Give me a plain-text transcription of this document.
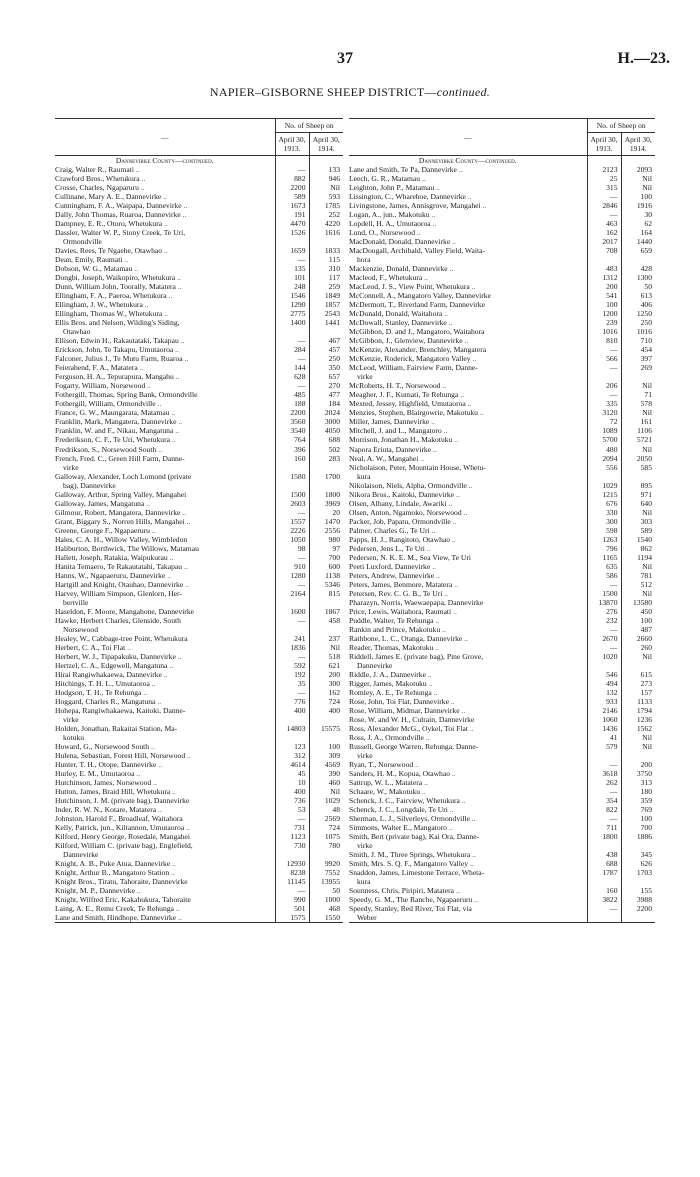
37	H.—23.
NAPIER–GISBORNE SHEEP DISTRICT—continued.
—	No. of Sheep on	
	April 30, 1913.	April 30, 1914.
Dannevirke County—continued.		
Craig, Walter R., Raumati ..	—	133
Crawford Bros., Whetukura ..	882	946
Crosse, Charles, Ngaparuru ..	2200	Nil
Cullinane, Mary A. E., Dannevirke ..	589	593
Cunningham, F. A., Waipapa, Dannevirke ..	1673	1785
Dally, John Thomas, Ruaroa, Dannevirke ..	191	252
Dampney, E. R., Otoro, Whetukura ..	4470	4220
Dassler, Walter W. P., Stony Creek, Te Uri,	1526	1616
Ormondville		
Davies, Rees, Te Ngaehe, Otawhao ..	1659	1833
Dean, Emily, Raumati ..	—	115
Dobson, W. G., Matamau ..	135	310
Dongbi, Joseph, Waikopiro, Whetukura ..	101	117
Dunn, William John, Toorally, Matatera ..	248	259
Ellingham, F. A., Paeroa, Whetukura ..	1546	1849
Ellingham, J. W., Whetukura ..	1290	1857
Ellingham, Thomas W., Whetukura ..	2775	2543
Ellis Bros. and Nelson, Wilding's Siding,	1400	1441
Otawhao		
Ellison, Edwin H., Rakautataki, Takapau ..	—	467
Erickson, John, Te Takapu, Umutaoroa ..	284	457
Falconer, Julius J., Te Mutu Farm, Ruaroa ..	—	250
Feierabend, F. A., Matatera ..	144	350
Ferguson, H. A., Tepurapura, Mangahu ..	628	657
Fogarty, William, Norsewood ..	—	270
Fothergill, Thomas, Spring Bank, Ormondville	485	477
Fothergill, William, Ormondville ..	188	184
France, G. W., Maungarata, Matamau ..	2200	2024
Franklin, Mark, Mangatera, Dannevirke ..	3560	3000
Franklin, W. and F., Nikau, Mangatuna ..	3540	4050
Frederikson, C. F., Te Uri, Whetukura ..	764	688
Fredrikson, S., Norsewood South ..	396	502
French, Fred. C., Green Hill Farm, Danne-	160	283
virke		
Galloway, Alexander, Loch Lomond (private	1580	1700
bag), Dannevirke		
Galloway, Arthur, Spring Valley, Mangahei	1500	1800
Galloway, James, Mangatuna ..	2603	3969
Gilmour, Robert, Mangatera, Dannevirke ..	—	20
Grant, Biggary S., Norren Hills, Mangahei ..	1557	1470
Greene, George F., Ngapaeruru ..	2226	2556
Hales, C. A. H., Willow Valley, Wimbledon	1050	980
Haliburton, Borthwick, The Willows, Matamau	98	97
Hallett, Joseph, Ratakia, Waipukurau ..	—	700
Hanita Temaero, Te Rakautatahi, Takapau ..	910	600
Hanns, W., Ngapaeruru, Dannevirke ..	1280	1138
Hartgill and Knight, Otauhao, Dannevirke ..	—	5346
Harvey, William Simpson, Glenlorn, Her-	2164	815
bertville		
Haseldon, F. Moore, Mangahone, Dannevirke	1600	1867
Hawke, Herbert Charles, Glenside, South	—	458
Norsewood		
Healey, W., Cabbage-tree Point, Whetukura	241	237
Herbert, C. A., Toi Flat ..	1836	Nil
Herbert, W. J., Tipapakuku, Dannevirke ..	—	518
Hertzel, C. A., Edgewell, Mangatuna ..	592	621
Hirai Rangiwhakaewa, Dannevirke ..	192	200
Hitchings, T. H. L., Umutaoroa ..	35	300
Hodgson, T. H., Te Rehunga ..	—	162
Hoggard, Charles R., Mangatuna ..	776	724
Hohepa, Rangiwhakaewa, Kaitoki, Danne-	400	400
virke		
Holden, Jonathan, Rakaitai Station, Ma-	14803	15575
kotuku		
Howard, G., Norsewood South ..	123	100
Hulena, Sebastian, Forest Hill, Norsewood ..	312	309
Hunter, T. H., Otope, Dannevirke ..	4614	4569
Hurley, E. M., Umutaoroa ..	45	390
Hutchinson, James, Norsewood ..	10	460
Hutton, James, Braid Hill, Whetukura ..	400	Nil
Hutchinson, J. M. (private bag), Dannevirke	736	1029
Inder, R. W. N., Kotare, Matatera ..	53	48
Johnston, Harold F., Broadleaf, Waitahora	—	2569
Kelly, Patrick, jun., Kiltannon, Umutaoroa ..	731	724
Kilford, Henry George, Rosedale, Mangahei	1123	1075
Kilford, William C. (private bag), Englefield,	730	780
Dannevirke		
Knight, A. B., Puke Atua, Dannevirke ..	12930	9920
Knight, Arthur B., Mangatoro Station ..	8238	7552
Knight Bros., Tiratu, Tahoraite, Dannevirke	11145	13955
Knight, M. P., Dannevirke ..	—	50
Knight, Wilfred Eric, Kakahukura, Tahoraite	990	1000
Laing, A. E., Remu Creek, Te Rehunga ..	501	468
Lane and Smith, Hindhope, Dannevirke ..	1575	1550
—	No. of Sheep on	
	April 30, 1913.	April 30, 1914.
Dannevirke County—continued.		
Lane and Smith, Te Pa, Dannevirke ..	2123	2093
Leech, G. R., Matamau ..	25	Nil
Leighton, John P., Matamau ..	315	Nil
Lissington, C., Wharehoe, Dannevirke ..	—	100
Livingstone, James, Annisgrove, Mangahei ..	2846	1916
Logan, A., jun., Makotuku ..	—	30
Lopdell, H. A., Umutaoroa ..	463	62
Lund, O., Norsewood ..	162	164
MacDonald, Donald, Dannevirke ..	2017	1440
MacDougall, Archibald, Valley Field, Waita-	708	659
hora		
Mackenzie, Donald, Dannevirke ..	483	428
Macleod, F., Whetukura ..	1312	1300
MacLeod, J. S., View Point, Whetukura ..	200	50
McConnell, A., Mangatoro Valley, Dannevirke	541	613
McDermott, T., Riverland Farm, Dannevirke	100	406
McDonald, Donald, Waitahora ..	1200	1250
McDowall, Stanley, Dannevirke ..	239	250
McGibbon, D. and J., Mangatoro, Waitahora	1016	1016
McGibbon, J., Glenview, Dannevirke ..	810	710
McKenzie, Alexander, Brenchley, Mangatera	—	454
McKenzie, Roderick, Mangatoro Valley ..	566	397
McLeod, William, Fairview Farm, Danne-	—	269
virke		
McRoberts, H. T., Norsewood ..	206	Nil
Meagher, J. F., Kumati, Te Rehunga ..	—	71
Mexted, Jessey, Highfield, Umutaoroa ..	335	578
Menzies, Stephen, Blairgowrie, Makotuku ..	3120	Nil
Miller, James, Dannevirke ..	72	161
Mitchell, J. and L., Mangatoro ..	1089	1106
Morrison, Jonathan H., Makotuku ..	5700	5721
Napora Eriuta, Dannevirke ..	480	Nil
Neal, A. W., Mangahei ..	2094	2050
Nicholaison, Peter, Mountain House, Whetu-	556	585
kura		
Nikolaison, Niels, Alpha, Ormondville ..	1029	895
Nikora Bros., Kaitoki, Dannevirke ..	1215	971
Olsen, Albany, Lindale, Awariki ..	676	640
Olsen, Anton, Ngamoko, Norsewood ..	330	Nil
Packer, Job, Papatu, Ormondville ..	300	303
Palmer, Charles G., Te Uri ..	598	589
Papps, H. J., Rangitoto, Otawhao ..	1263	1540
Pedersen, Jens L., Te Uri ..	796	862
Pedersen, N. K. E. M., Sea View, Te Uri	1165	1194
Peeti Luxford, Dannevirke ..	635	Nil
Peters, Andrew, Dannevirke ..	586	781
Peters, James, Benmore, Matatera ..	—	512
Petersen, Rev. C. G. B., Te Uri ..	1500	Nil
Pharazyn, Norris, Waewaepapa, Dannevirke	13870	13580
Price, Lewis, Waitahora, Raumati ..	276	450
Puddle, Walter, Te Rehunga ..	232	100
Rankin and Prince, Makotuku ..	—	487
Rathbone, L. C., Otanga, Dannevirke ..	2670	2660
Reader, Thomas, Makotuku ..	—	260
Riddell, James E. (private bag), Pine Grove,	1020	Nil
Dannevirke		
Riddle, J. A., Dannevirke ..	546	615
Rigger, James, Makotuku ..	494	273
Romley, A. E., Te Rehunga ..	132	157
Rose, John, Toi Flat, Dannevirke ..	933	1133
Rose, William, Midmar, Dannevirke ..	2146	1794
Rose, W. and W. H., Culrain, Dannevirke	1060	1236
Ross, Alexander McG., Oykel, Toi Flat ..	1436	1562
Ross, J. A., Ormondville ..	41	Nil
Russell, George Warren, Rehunga, Danne-	579	Nil
virke		
Ryan, T., Norsewood ..	—	200
Sanders, H. M., Kopua, Otawhao ..	3618	3750
Sattrup, W. L., Matatera ..	262	313
Schaare, W., Makotuku ..	—	180
Schenck, J. C., Fairview, Whetukura ..	354	359
Schenck, J. C., Longdale, Te Uri ..	822	769
Sherman, L. J., Silverleys, Ormondville ..	—	100
Simmons, Walter E., Mangatoro ..	711	700
Smith, Bert (private bag), Kai Ora, Danne-	1800	1886
virke		
Smith, J. M., Three Springs, Whetukura ..	438	345
Smith, Mrs. S. Q. F., Mangatoro Valley ..	688	626
Snaddon, James, Limestone Terrace, Wheta-	1787	1703
kura		
Sounness, Chris, Piripiri, Matatera ..	160	155
Speedy, G. M., The Ranche, Ngapaeruru ..	3822	3988
Speedy, Stanley, Red River, Toi Flat, via	—	2200
Weber		
